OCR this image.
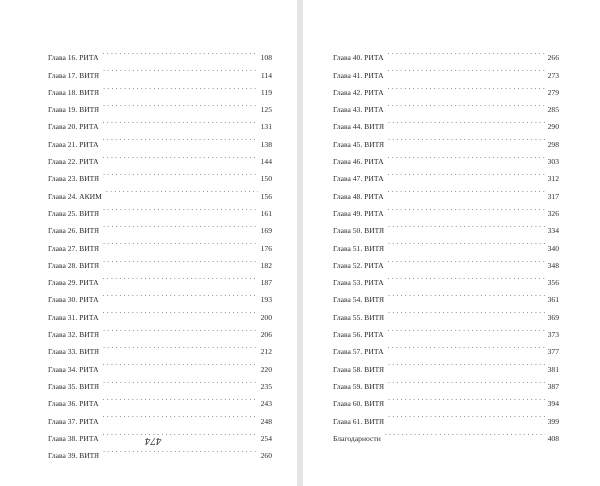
Глава 16. РИТА . . .	108
Глава 17. ВИТЯ . . .	114
Глава 18. ВИТЯ . . .	119
Глава 19. ВИТЯ . . .	125
Глава 20. РИТА . . .	131
Глава 21. РИТА . . .	138
Глава 22. РИТА . . .	144
Глава 23. ВИТЯ . . .	150
Глава 24. АКИМ . . .	156
Глава 25. ВИТЯ . . .	161
Глава 26. ВИТЯ . . .	169
Глава 27. ВИТЯ . . .	176
Глава 28. ВИТЯ . . .	182
Глава 29. РИТА . . .	187
Глава 30. РИТА . . .	193
Глава 31. РИТА . . .	200
Глава 32. ВИТЯ . . .	206
Глава 33. ВИТЯ . . .	212
Глава 34. РИТА . . .	220
Глава 35. ВИТЯ . . .	235
Глава 36. РИТА . . .	243
Глава 37. РИТА . . .	248
Глава 38. РИТА . . .	254
Глава 39. ВИТЯ . . .	260
474
Глава 40. РИТА . . .	266
Глава 41. РИТА . . .	273
Глава 42. РИТА . . .	279
Глава 43. РИТА . . .	285
Глава 44. ВИТЯ . . .	290
Глава 45. ВИТЯ . . .	298
Глава 46. РИТА . . .	303
Глава 47. РИТА . . .	312
Глава 48. РИТА . . .	317
Глава 49. РИТА . . .	326
Глава 50. ВИТЯ . . .	334
Глава 51. ВИТЯ . . .	340
Глава 52. РИТА . . .	348
Глава 53. РИТА . . .	356
Глава 54. ВИТЯ . . .	361
Глава 55. ВИТЯ . . .	369
Глава 56. РИТА . . .	373
Глава 57. РИТА . . .	377
Глава 58. ВИТЯ . . .	381
Глава 59. ВИТЯ . . .	387
Глава 60. ВИТЯ . . .	394
Глава 61. ВИТЯ . . .	399
Благодарности . . .	408
